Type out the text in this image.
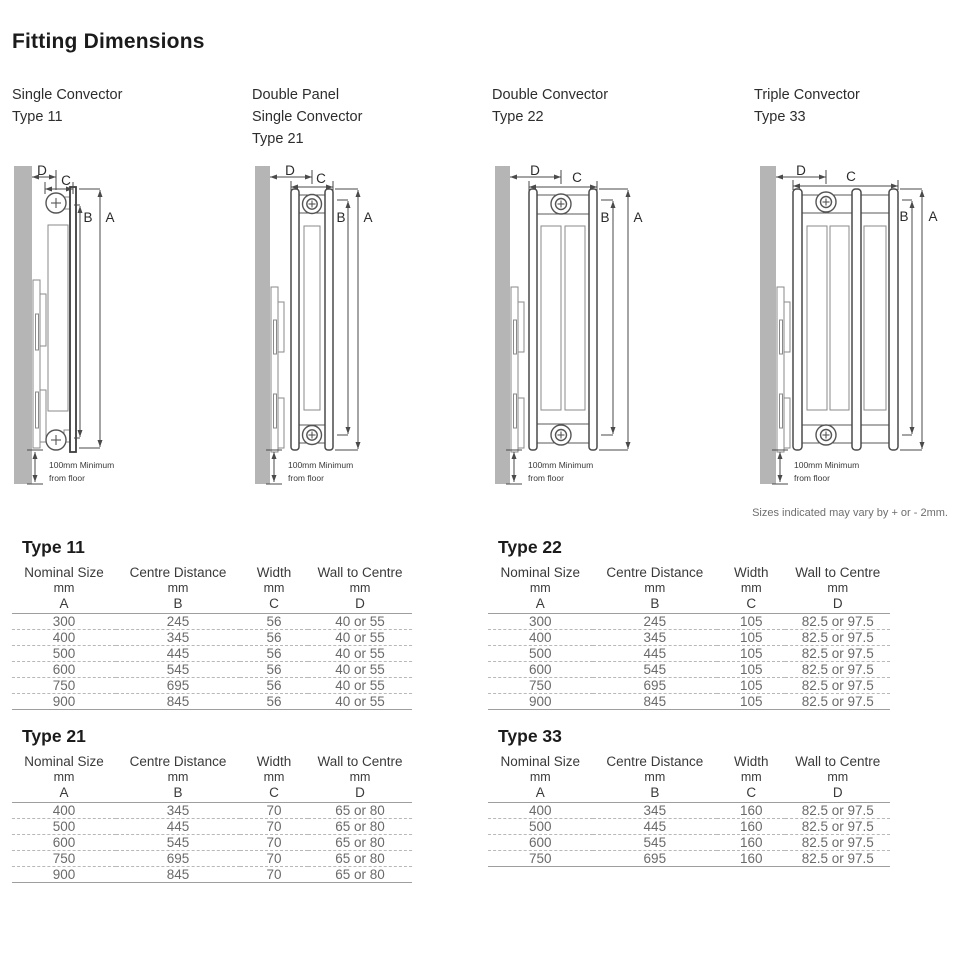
Fitting Dimensions
Single Convector
Type 11
Double Panel
Single Convector
Type 21
Double Convector
Type 22
Triple Convector
Type 33
D
C
B A
100mm Minimum
from floor
D
C
B A
100mm Minimum
from floor
D C
B A
100mm Minimum
from floor
D	C
B A
100mm Minimum
from floor
Sizes indicated may vary by + or - 2mm.
Type 11
Nominal Size	Centre Distance	Width	Wall to Centre
mm	mm	mm	mm
A	B	C	D
300	245	56	40 or 55
400	345	56	40 or 55
500	445	56	40 or 55
600	545	56	40 or 55
750	695	56	40 or 55
900	845	56	40 or 55
Type 21
Nominal Size	Centre Distance	Width	Wall to Centre
mm	mm	mm	mm
A	B	C	D
400	345	70	65 or 80
500	445	70	65 or 80
600	545	70	65 or 80
750	695	70	65 or 80
900	845	70	65 or 80
Type 22
Nominal Size	Centre Distance	Width	Wall to Centre
mm	mm	mm	mm
A	B	C	D
300	245	105	82.5 or 97.5
400	345	105	82.5 or 97.5
500	445	105	82.5 or 97.5
600	545	105	82.5 or 97.5
750	695	105	82.5 or 97.5
900	845	105	82.5 or 97.5
Type 33
Nominal Size	Centre Distance	Width	Wall to Centre
mm	mm	mm	mm
A	B	C	D
400	345	160	82.5 or 97.5
500	445	160	82.5 or 97.5
600	545	160	82.5 or 97.5
750	695	160	82.5 or 97.5
